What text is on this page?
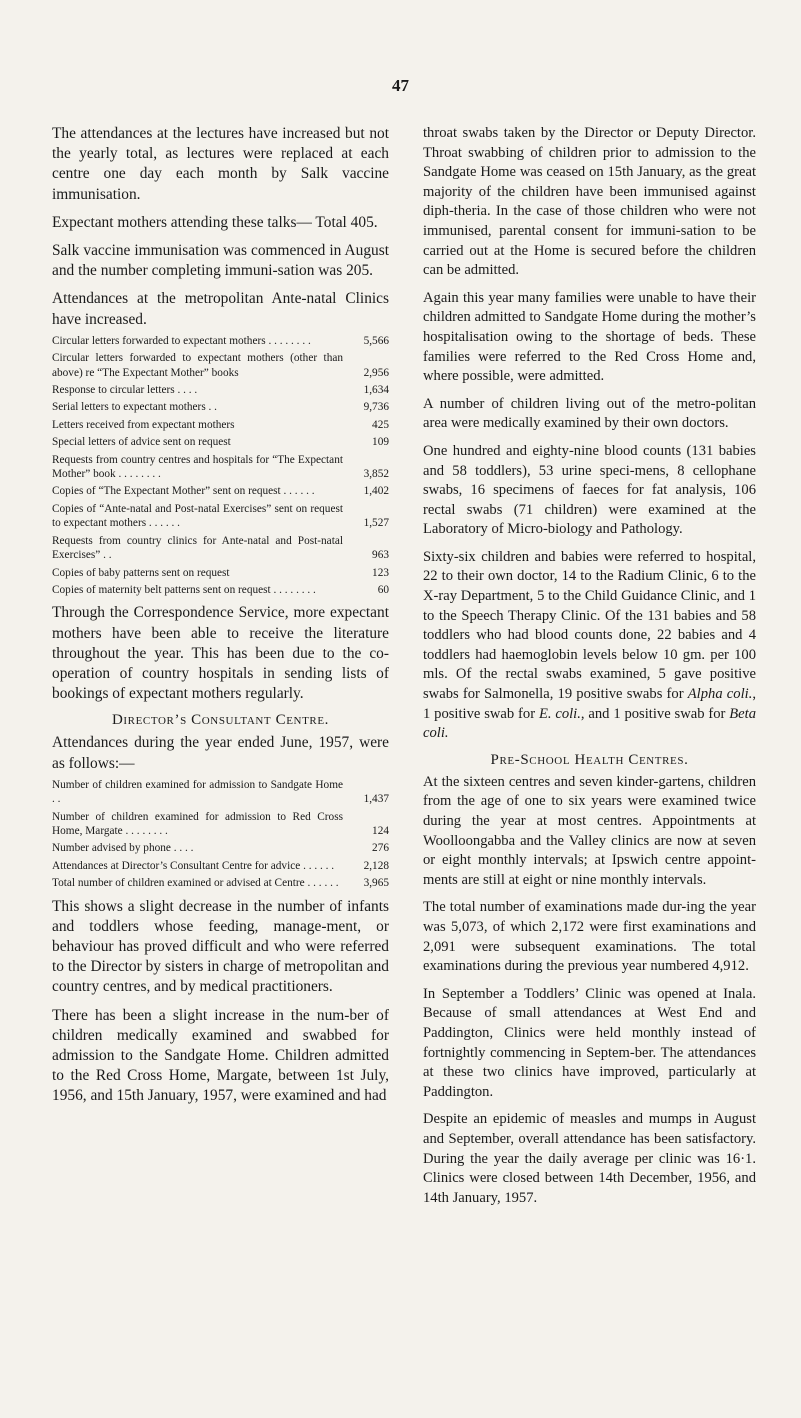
47

The attendances at the lectures have increased but not the yearly total, as lectures were replaced at each centre one day each month by Salk vaccine immunisation.

Expectant mothers attending these talks— Total 405.

Salk vaccine immunisation was commenced in August and the number completing immuni-sation was 205.

Attendances at the metropolitan Ante-natal Clinics have increased.

Circular letters forwarded to expectant mothers . . . . . . . .	5,566
Circular letters forwarded to expectant mothers (other than above) re “The Expectant Mother” books	2,956
Response to circular letters . . . .	1,634
Serial letters to expectant mothers . .	9,736
Letters received from expectant mothers	425
Special letters of advice sent on request	109
Requests from country centres and hospitals for “The Expectant Mother” book . . . . . . . .	3,852
Copies of “The Expectant Mother” sent on request . . . . . .	1,402
Copies of “Ante-natal and Post-natal Exercises” sent on request to expectant mothers . . . . . .	1,527
Requests from country clinics for Ante-natal and Post-natal Exercises” . .	963
Copies of baby patterns sent on request	123
Copies of maternity belt patterns sent on request . . . . . . . .	60

Through the Correspondence Service, more expectant mothers have been able to receive the literature throughout the year. This has been due to the co-operation of country hospitals in sending lists of bookings of expectant mothers regularly.

Director’s Consultant Centre.

Attendances during the year ended June, 1957, were as follows:—

Number of children examined for admission to Sandgate Home . .	1,437
Number of children examined for admission to Red Cross Home, Margate . . . . . . . .	124
Number advised by phone . . . .	276
Attendances at Director’s Consultant Centre for advice . . . . . .	2,128
Total number of children examined or advised at Centre . . . . . .	3,965

This shows a slight decrease in the number of infants and toddlers whose feeding, manage-ment, or behaviour has proved difficult and who were referred to the Director by sisters in charge of metropolitan and country centres, and by medical practitioners.

There has been a slight increase in the num-ber of children medically examined and swabbed for admission to the Sandgate Home. Children admitted to the Red Cross Home, Margate, between 1st July, 1956, and 15th January, 1957, were examined and had

throat swabs taken by the Director or Deputy Director. Throat swabbing of children prior to admission to the Sandgate Home was ceased on 15th January, as the great majority of the children have been immunised against diph-theria. In the case of those children who were not immunised, parental consent for immuni-sation to be carried out at the Home is secured before the children can be admitted.

Again this year many families were unable to have their children admitted to Sandgate Home during the mother’s hospitalisation owing to the shortage of beds. These families were referred to the Red Cross Home and, where possible, were admitted.

A number of children living out of the metro-politan area were medically examined by their own doctors.

One hundred and eighty-nine blood counts (131 babies and 58 toddlers), 53 urine speci-mens, 8 cellophane swabs, 16 specimens of faeces for fat analysis, 106 rectal swabs (71 children) were examined at the Laboratory of Micro-biology and Pathology.

Sixty-six children and babies were referred to hospital, 22 to their own doctor, 14 to the Radium Clinic, 6 to the X-ray Department, 5 to the Child Guidance Clinic, and 1 to the Speech Therapy Clinic. Of the 131 babies and 58 toddlers who had blood counts done, 22 babies and 4 toddlers had haemoglobin levels below 10 gm. per 100 mls. Of the rectal swabs examined, 5 gave positive swabs for Salmonella, 19 positive swabs for Alpha coli., 1 positive swab for E. coli., and 1 positive swab for Beta coli.

Pre-School Health Centres.

At the sixteen centres and seven kinder-gartens, children from the age of one to six years were examined twice during the year at most centres. Appointments at Woolloongabba and the Valley clinics are now at seven or eight monthly intervals; at Ipswich centre appoint-ments are still at eight or nine monthly intervals.

The total number of examinations made dur-ing the year was 5,073, of which 2,172 were first examinations and 2,091 were subsequent examinations. The total examinations during the previous year numbered 4,912.

In September a Toddlers’ Clinic was opened at Inala. Because of small attendances at West End and Paddington, Clinics were held monthly instead of fortnightly commencing in Septem-ber. The attendances at these two clinics have improved, particularly at Paddington.

Despite an epidemic of measles and mumps in August and September, overall attendance has been satisfactory. During the year the daily average per clinic was 16·1. Clinics were closed between 14th December, 1956, and 14th January, 1957.
